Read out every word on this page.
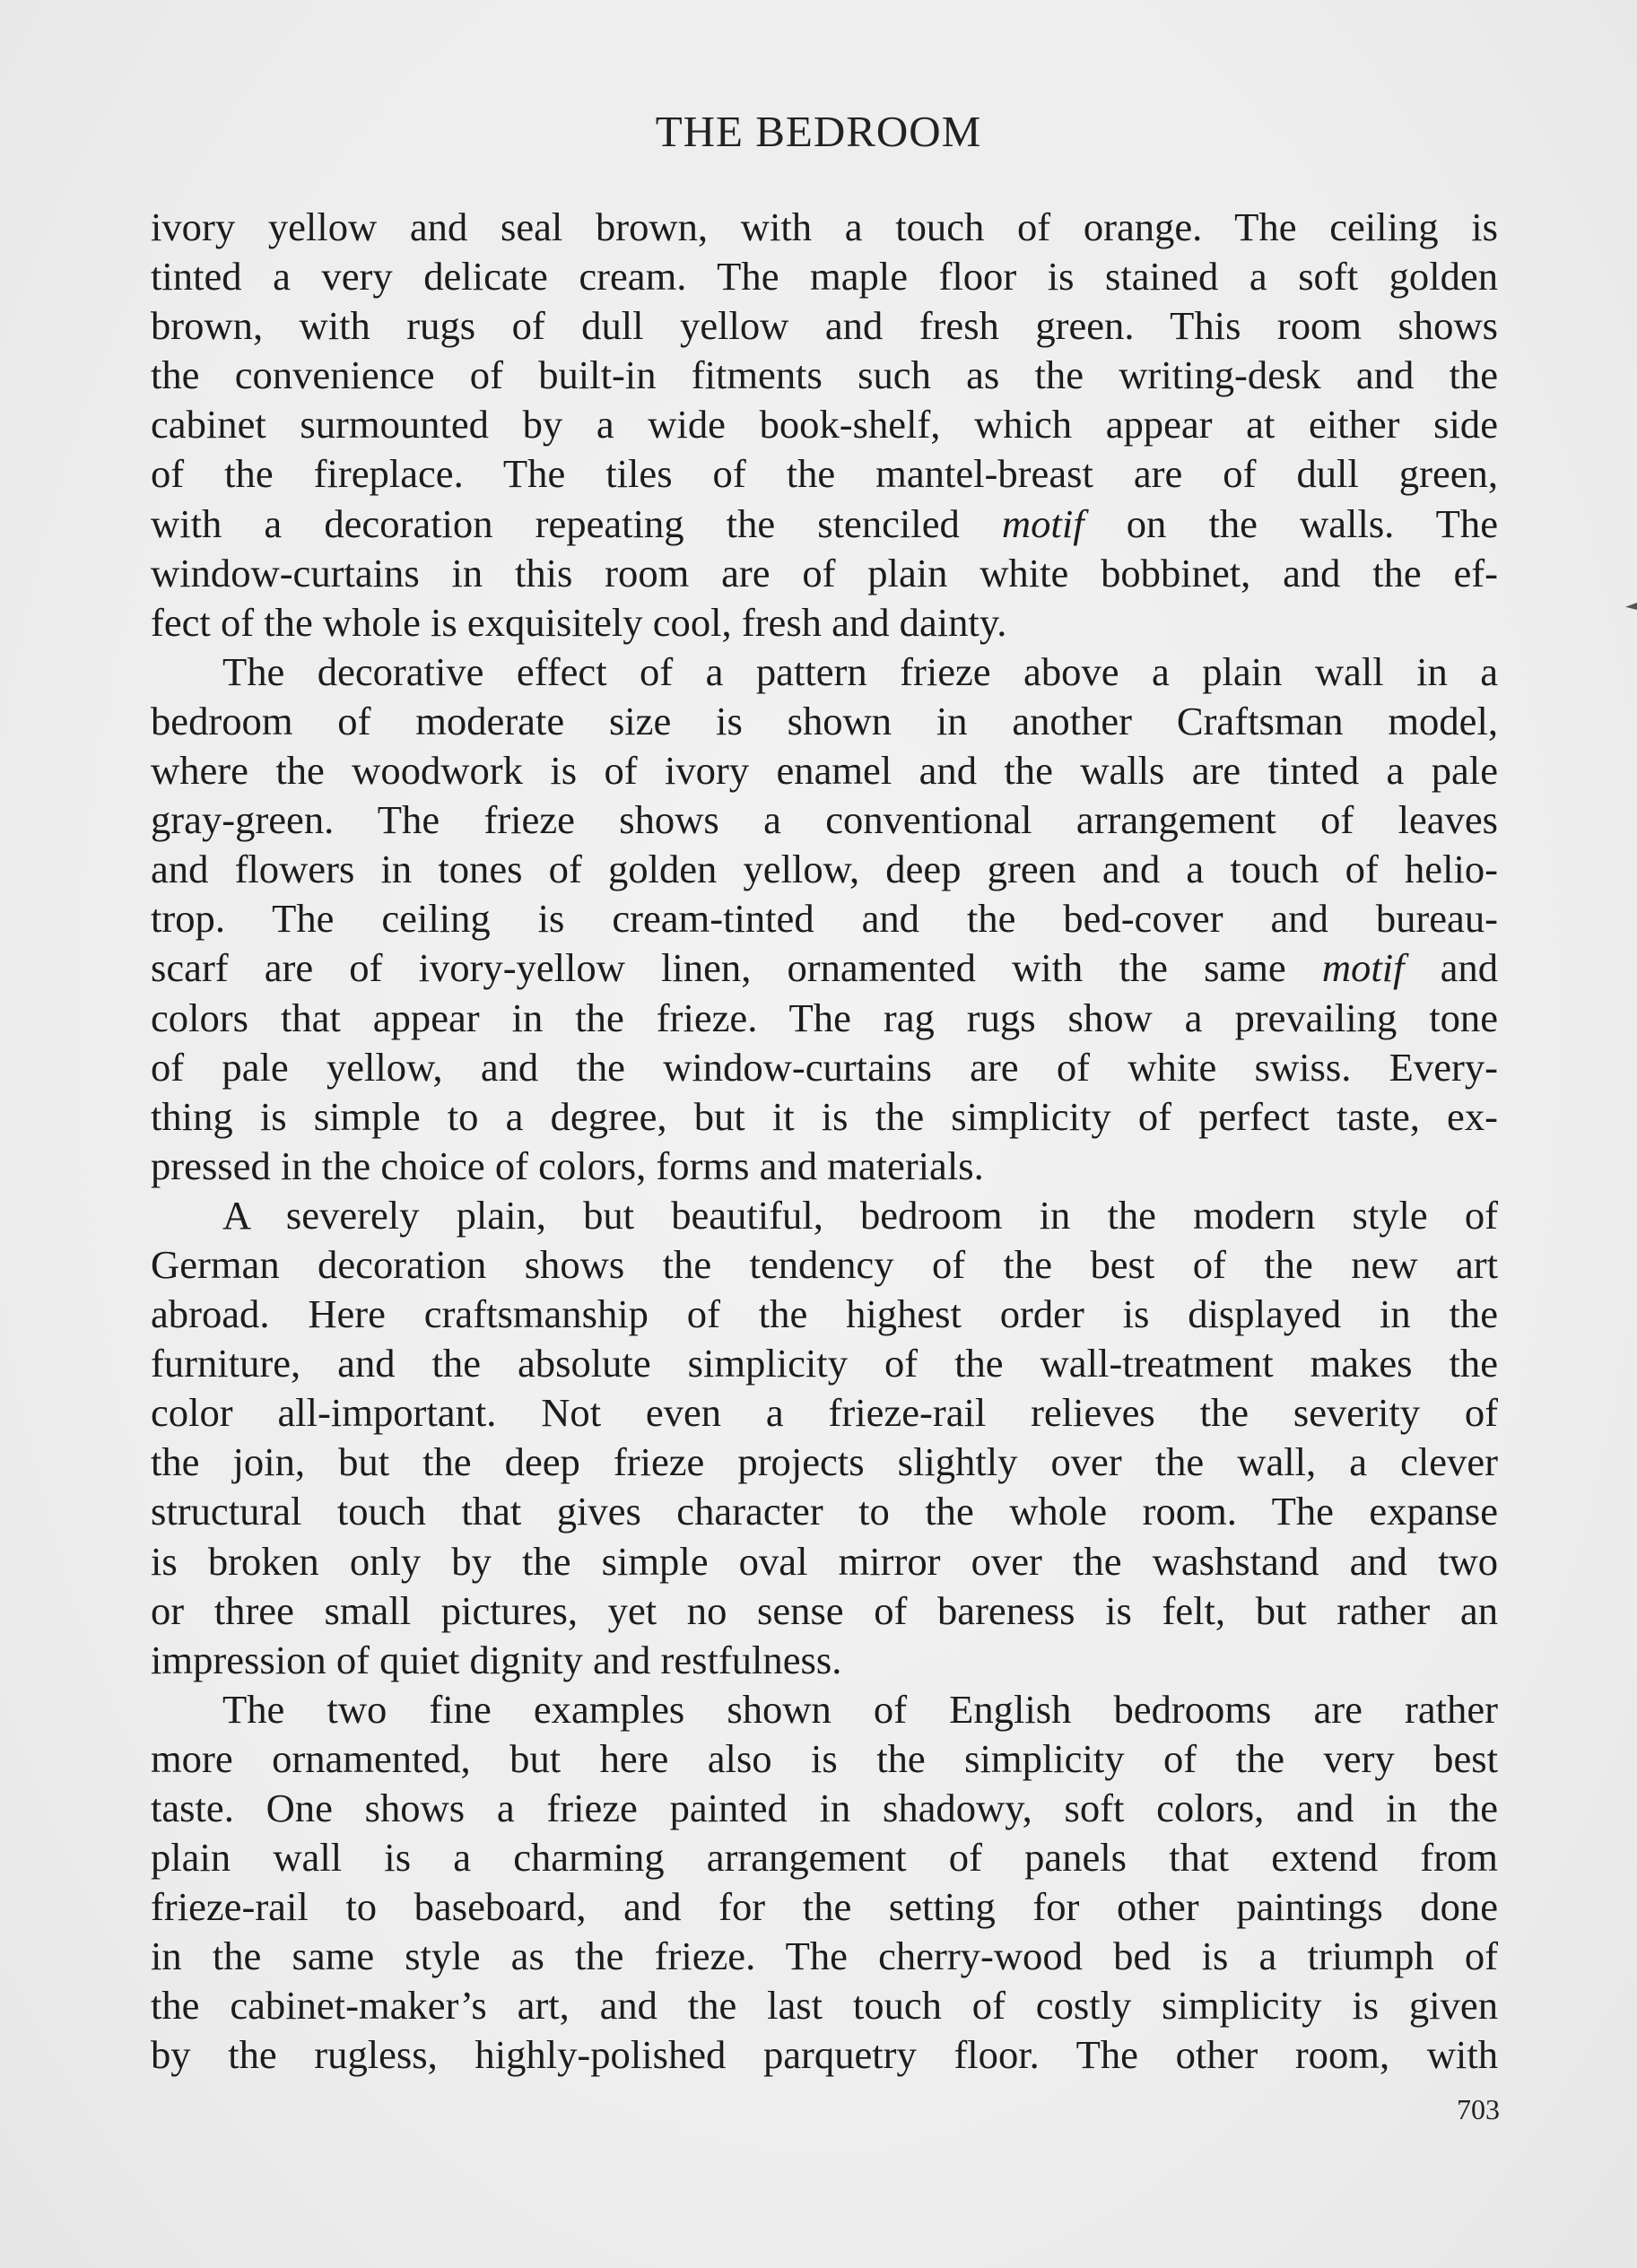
THE BEDROOM
ivory yellow and seal brown, with a touch of orange. The ceiling is
tinted a very delicate cream. The maple floor is stained a soft golden
brown, with rugs of dull yellow and fresh green. This room shows
the convenience of built-in fitments such as the writing-desk and the
cabinet surmounted by a wide book-shelf, which appear at either side
of the fireplace. The tiles of the mantel-breast are of dull green,
with a decoration repeating the stenciled motif on the walls. The
window-curtains in this room are of plain white bobbinet, and the ef-
fect of the whole is exquisitely cool, fresh and dainty.
The decorative effect of a pattern frieze above a plain wall in a
bedroom of moderate size is shown in another Craftsman model,
where the woodwork is of ivory enamel and the walls are tinted a pale
gray-green. The frieze shows a conventional arrangement of leaves
and flowers in tones of golden yellow, deep green and a touch of helio-
trop. The ceiling is cream-tinted and the bed-cover and bureau-
scarf are of ivory-yellow linen, ornamented with the same motif and
colors that appear in the frieze. The rag rugs show a prevailing tone
of pale yellow, and the window-curtains are of white swiss. Every-
thing is simple to a degree, but it is the simplicity of perfect taste, ex-
pressed in the choice of colors, forms and materials.
A severely plain, but beautiful, bedroom in the modern style of
German decoration shows the tendency of the best of the new art
abroad. Here craftsmanship of the highest order is displayed in the
furniture, and the absolute simplicity of the wall-treatment makes the
color all-important. Not even a frieze-rail relieves the severity of
the join, but the deep frieze projects slightly over the wall, a clever
structural touch that gives character to the whole room. The expanse
is broken only by the simple oval mirror over the washstand and two
or three small pictures, yet no sense of bareness is felt, but rather an
impression of quiet dignity and restfulness.
The two fine examples shown of English bedrooms are rather
more ornamented, but here also is the simplicity of the very best
taste. One shows a frieze painted in shadowy, soft colors, and in the
plain wall is a charming arrangement of panels that extend from
frieze-rail to baseboard, and for the setting for other paintings done
in the same style as the frieze. The cherry-wood bed is a triumph of
the cabinet-maker’s art, and the last touch of costly simplicity is given
by the rugless, highly-polished parquetry floor. The other room, with
703
